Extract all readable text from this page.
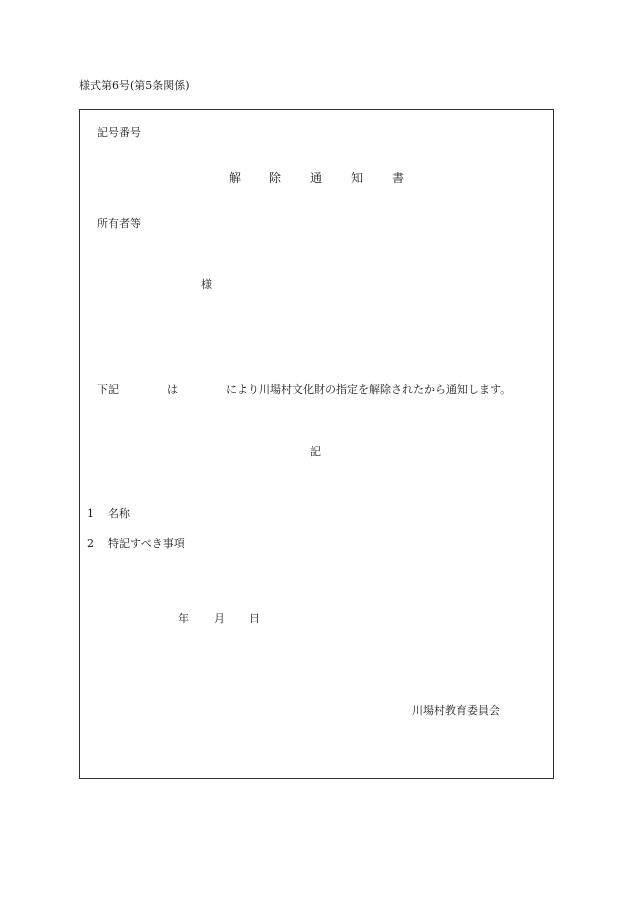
様式第6号(第5条関係)
記号番号
解 除 通 知 書
所有者等
様
下記	は	により川場村文化財の指定を解除されたから通知します。
記
1 名称
2 特記すべき事項
年 月 日
川場村教育委員会
